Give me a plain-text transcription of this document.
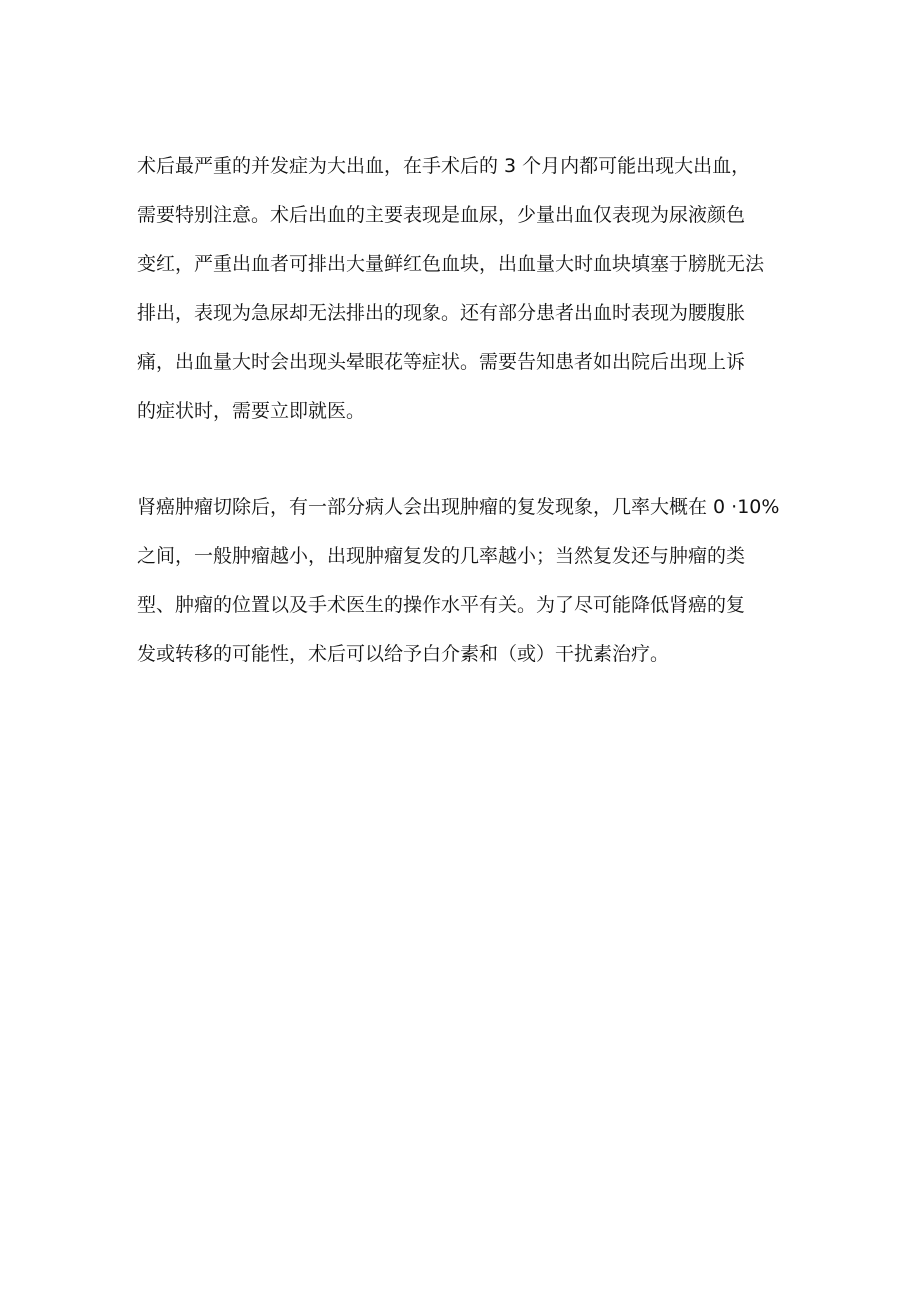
术后最严重的并发症为大出血，在手术后的 3 个月内都可能出现大出血，
需要特别注意。术后出血的主要表现是血尿，少量出血仅表现为尿液颜色
变红，严重出血者可排出大量鲜红色血块，出血量大时血块填塞于膀胱无法
排出，表现为急尿却无法排出的现象。还有部分患者出血时表现为腰腹胀
痛，出血量大时会出现头晕眼花等症状。需要告知患者如出院后出现上诉
的症状时，需要立即就医。

肾癌肿瘤切除后，有一部分病人会出现肿瘤的复发现象，几率大概在 0 ·10%
之间，一般肿瘤越小，出现肿瘤复发的几率越小；当然复发还与肿瘤的类
型、肿瘤的位置以及手术医生的操作水平有关。为了尽可能降低肾癌的复
发或转移的可能性，术后可以给予白介素和（或）干扰素治疗。
